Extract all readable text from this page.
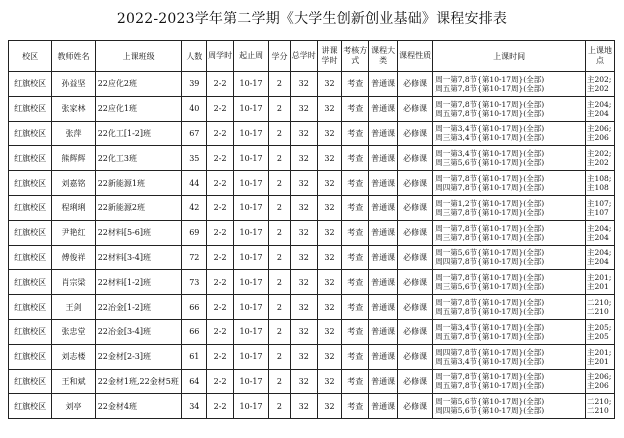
2022-2023学年第二学期《大学生创新创业基础》课程安排表
校区	教师姓名	上课班级	人数	周学时	起止周	学分	总学时	讲课学时	考核方式	课程大类	课程性质	上课时间	上课地点
红旗校区	孙益坚	22应化2班	39	2-2	10-17	2	32	32	考查	普通课	必修课	周一第7,8节{第10-17周}(全部)
周五第7,8节{第10-17周}(全部)	主202;
主202

红旗校区	张家林	22应化1班	40	2-2	10-17	2	32	32	考查	普通课	必修课	周一第7,8节{第10-17周}(全部)
周五第7,8节{第10-17周}(全部)	主204;
主204

红旗校区	张萍	22化工[1-2]班	67	2-2	10-17	2	32	32	考查	普通课	必修课	周一第3,4节{第10-17周}(全部)
周三第3,4节{第10-17周}(全部)	主206;
主206

红旗校区	熊辉辉	22化工3班	35	2-2	10-17	2	32	32	考查	普通课	必修课	周一第3,4节{第10-17周}(全部)
周三第5,6节{第10-17周}(全部)	主202;
主202

红旗校区	刘嘉铭	22新能源1班	44	2-2	10-17	2	32	32	考查	普通课	必修课	周一第7,8节{第10-17周}(全部)
周四第7,8节{第10-17周}(全部)	主108;
主108

红旗校区	程琍琍	22新能源2班	42	2-2	10-17	2	32	32	考查	普通课	必修课	周一第1,2节{第10-17周}(全部)
周三第7,8节{第10-17周}(全部)	主107;
主107

红旗校区	尹艳红	22材料[5-6]班	69	2-2	10-17	2	32	32	考查	普通课	必修课	周一第7,8节{第10-17周}(全部)
周三第7,8节{第10-17周}(全部)	主204;
主204

红旗校区	傅俊祥	22材料[3-4]班	72	2-2	10-17	2	32	32	考查	普通课	必修课	周一第5,6节{第10-17周}(全部)
周四第7,8节{第10-17周}(全部)	主204;
主204

红旗校区	肖宗梁	22材料[1-2]班	73	2-2	10-17	2	32	32	考查	普通课	必修课	周一第7,8节{第10-17周}(全部)
周三第5,6节{第10-17周}(全部)	主201;
主201

红旗校区	王剑	22冶金[1-2]班	66	2-2	10-17	2	32	32	考查	普通课	必修课	周一第7,8节{第10-17周}(全部)
周五第7,8节{第10-17周}(全部)	二210;
二210

红旗校区	张忠堂	22冶金[3-4]班	66	2-2	10-17	2	32	32	考查	普通课	必修课	周一第3,4节{第10-17周}(全部)
周五第7,8节{第10-17周}(全部)	主205;
主205

红旗校区	刘志楼	22金材[2-3]班	61	2-2	10-17	2	32	32	考查	普通课	必修课	周四第7,8节{第10-17周}(全部)
周五第3,4节{第10-17周}(全部)	主201;
主201

红旗校区	王和斌	22金材1班,22金材5班	64	2-2	10-17	2	32	32	考查	普通课	必修课	周一第7,8节{第10-17周}(全部)
周五第7,8节{第10-17周}(全部)	主206;
主206

红旗校区	刘亭	22金材4班	34	2-2	10-17	2	32	32	考查	普通课	必修课	周一第5,6节{第10-17周}(全部)
周四第5,6节{第10-17周}(全部)	二210;
二210
